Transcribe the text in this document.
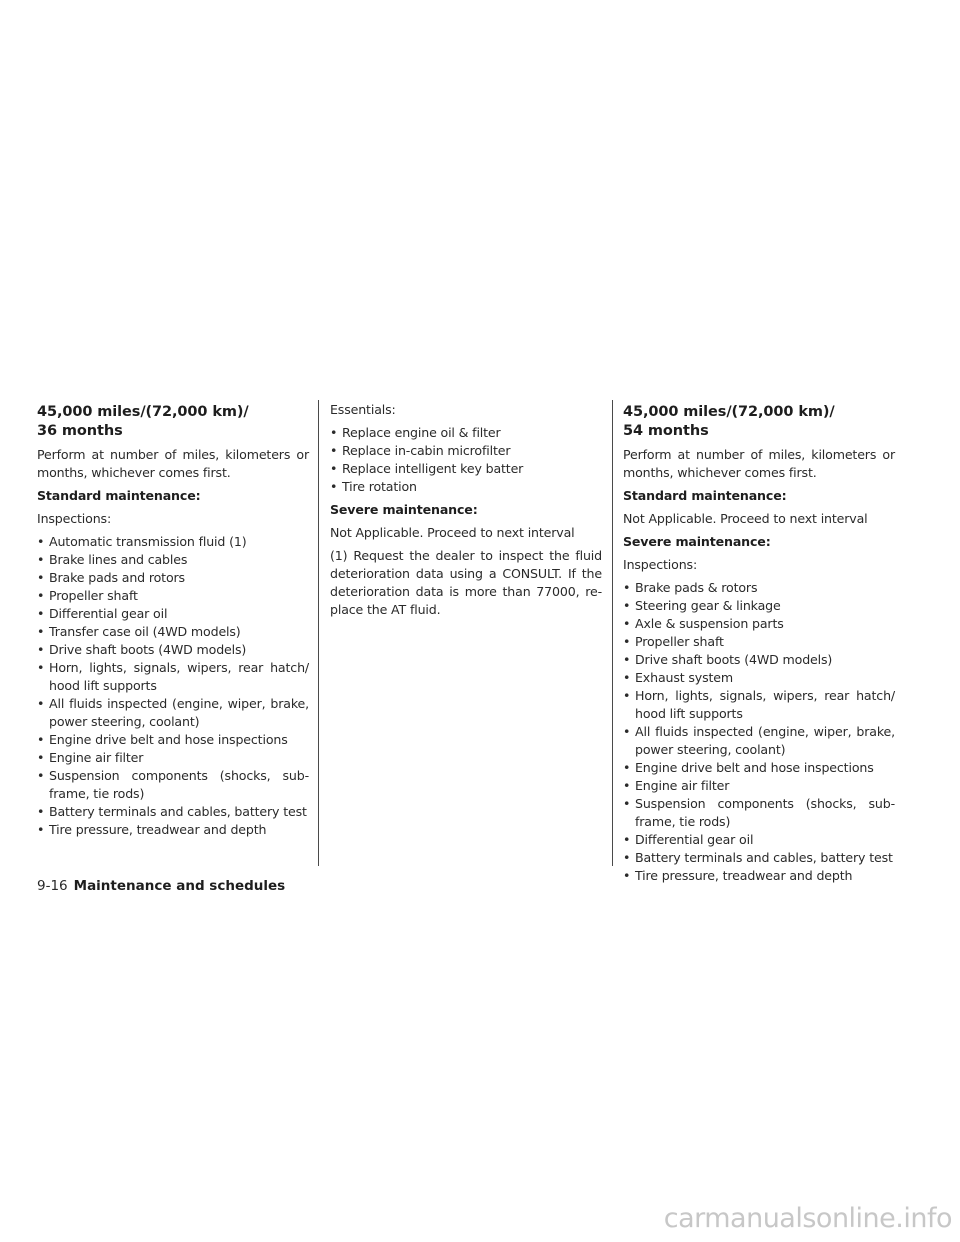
45,000 miles/(72,000 km)/
36 months

Perform at number of miles, kilometers or months, whichever comes first.

Standard maintenance:

Inspections:

• Automatic transmission fluid (1)
• Brake lines and cables
• Brake pads and rotors
• Propeller shaft
• Differential gear oil
• Transfer case oil (4WD models)
• Drive shaft boots (4WD models)
• Horn, lights, signals, wipers, rear hatch/ hood lift supports
• All fluids inspected (engine, wiper, brake, power steering, coolant)
• Engine drive belt and hose inspections
• Engine air filter
• Suspension components (shocks, sub- frame, tie rods)
• Battery terminals and cables, battery test
• Tire pressure, treadwear and depth

Essentials:

• Replace engine oil & filter
• Replace in-cabin microfilter
• Replace intelligent key batter
• Tire rotation

Severe maintenance:

Not Applicable. Proceed to next interval

(1) Request the dealer to inspect the fluid deterioration data using a CONSULT. If the deterioration data is more than 77000, re- place the AT fluid.

45,000 miles/(72,000 km)/
54 months

Perform at number of miles, kilometers or months, whichever comes first.

Standard maintenance:

Not Applicable. Proceed to next interval

Severe maintenance:

Inspections:

• Brake pads & rotors
• Steering gear & linkage
• Axle & suspension parts
• Propeller shaft
• Drive shaft boots (4WD models)
• Exhaust system
• Horn, lights, signals, wipers, rear hatch/ hood lift supports
• All fluids inspected (engine, wiper, brake, power steering, coolant)
• Engine drive belt and hose inspections
• Engine air filter
• Suspension components (shocks, sub- frame, tie rods)
• Differential gear oil
• Battery terminals and cables, battery test
• Tire pressure, treadwear and depth
9-16 Maintenance and schedules
carmanualsonline.info
